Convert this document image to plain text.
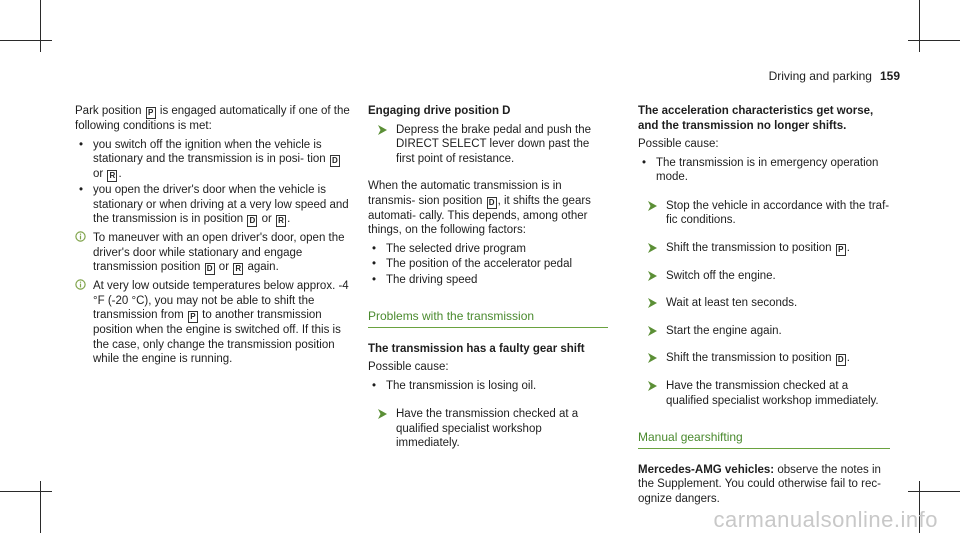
Driving and parking 159

Park position P is engaged automatically if one of the following conditions is met:

• you switch off the ignition when the vehicle is stationary and the transmission is in posi- tion D or R .
• you open the driver's door when the vehicle is stationary or when driving at a very low speed and the transmission is in position D or R .
To maneuver with an open driver's door, open the driver's door while stationary and engage transmission position D or R again.
At very low outside temperatures below approx. -4 °F (-20 °C), you may not be able to shift the transmission from P to another transmission position when the engine is switched off. If this is the case, only change the transmission position while the engine is running.
Engaging drive position D
Depress the brake pedal and push the DIRECT SELECT lever down past the first point of resistance.

When the automatic transmission is in transmis- sion position D , it shifts the gears automati- cally. This depends, among other things, on the following factors:

• The selected drive program
• The position of the accelerator pedal
• The driving speed
Problems with the transmission
The transmission has a faulty gear shift

Possible cause:

• The transmission is losing oil.
Have the transmission checked at a qualified specialist workshop immediately.
The acceleration characteristics get worse, and the transmission no longer shifts.

Possible cause:

• The transmission is in emergency operation mode.
Stop the vehicle in accordance with the traf- fic conditions.
Shift the transmission to position P .
Switch off the engine.
Wait at least ten seconds.
Start the engine again.
Shift the transmission to position D .
Have the transmission checked at a qualified specialist workshop immediately.
Manual gearshifting

Mercedes-AMG vehicles: observe the notes in the Supplement. You could otherwise fail to rec- ognize dangers.

carmanualsonline.info
